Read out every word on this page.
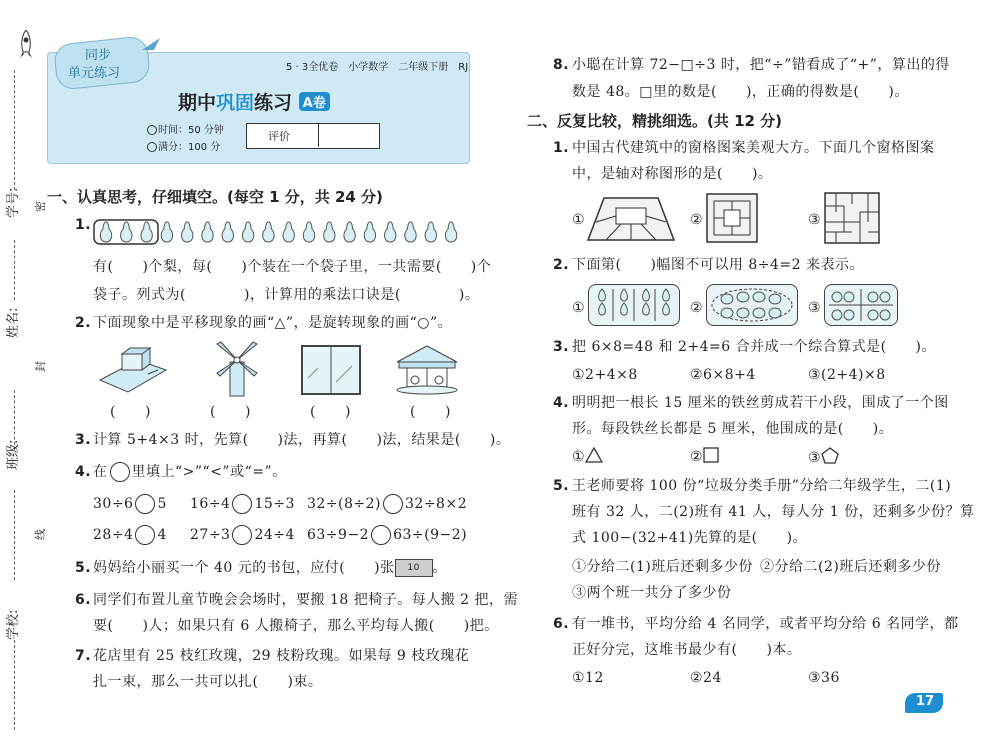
学号: 密
姓名:
封
班级:
线
学校:
同步
单元练习	5 · 3全优卷　小学数学　二年级下册　RJ
期中巩固练习 A卷
时间：50 分钟
满分：100 分
评价
一、认真思考，仔细填空。(每空 1 分，共 24 分)
1.
有(　　)个梨，每(　　)个装在一个袋子里，一共需要(　　)个
袋子。列式为(　　　　)，计算用的乘法口诀是(　　　　)。
2. 下面现象中是平移现象的画“△”，是旋转现象的画“○”。
(　　)	(　　)	(　　)	(　　)
3. 计算 5+4×3 时，先算(　　)法，再算(　　)法，结果是(　　)。
4. 在 里填上“>”“<”或“=”。
30÷6 5 16÷4 15÷3 32÷(8÷2) 32÷8×2
28÷4 4 27÷3 24÷4 63÷9−2 63÷(9−2)
5. 妈妈给小丽买一个 40 元的书包，应付(　　)张 10 。
6. 同学们布置儿童节晚会会场时，要搬 18 把椅子。每人搬 2 把，需
要(　　)人；如果只有 6 人搬椅子，那么平均每人搬(　　)把。
7. 花店里有 25 枝红玫瑰，29 枝粉玫瑰。如果每 9 枝玫瑰花
扎一束，那么一共可以扎(　　)束。
8. 小聪在计算 72−□÷3 时，把“÷”错看成了“+”，算出的得
数是 48。□里的数是(　　)，正确的得数是(　　)。
二、反复比较，精挑细选。(共 12 分)
1. 中国古代建筑中的窗格图案美观大方。下面几个窗格图案
中，是轴对称图形的是(　　)。
①	②	③
2. 下面第(　　)幅图不可以用 8÷4=2 来表示。
①	②	③
3. 把 6×8=48 和 2+4=6 合并成一个综合算式是(　　)。
①2+4×8	②6×8+4	③(2+4)×8
4. 明明把一根长 15 厘米的铁丝剪成若干小段，围成了一个图
形。每段铁丝长都是 5 厘米，他围成的是(　　)。
①	②	③
5. 王老师要将 100 份“垃圾分类手册”分给二年级学生，二(1)
班有 32 人，二(2)班有 41 人，每人分 1 份，还剩多少份？算
式 100−(32+41)先算的是(　　)。
①分给二(1)班后还剩多少份 ②分给二(2)班后还剩多少份
③两个班一共分了多少份
6. 有一堆书，平均分给 4 名同学，或者平均分给 6 名同学，都
正好分完，这堆书最少有(　　)本。
①12	②24	③36
17
